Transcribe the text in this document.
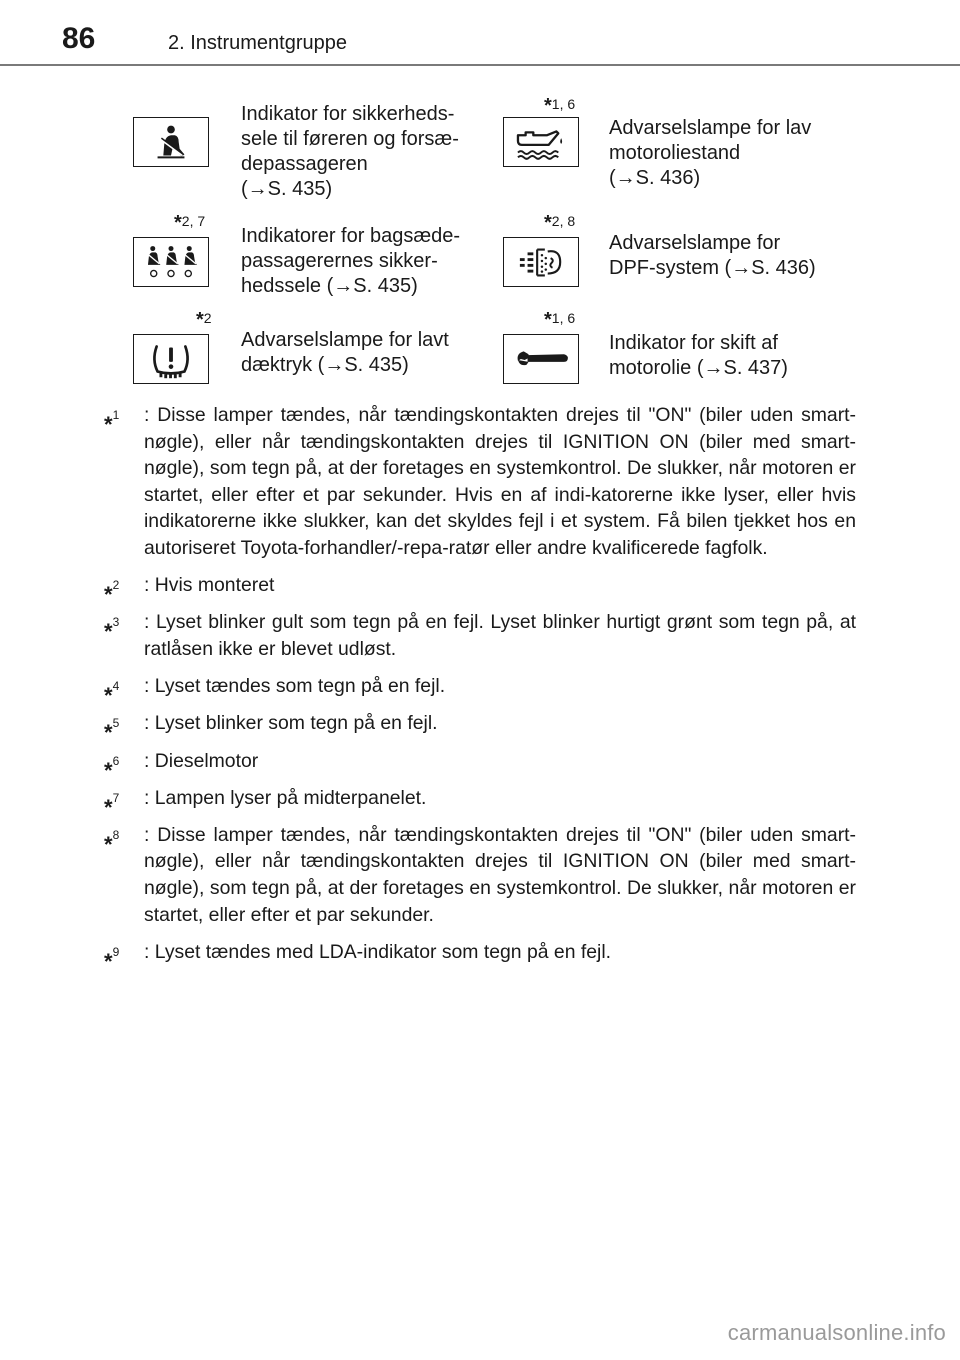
86	2. Instrumentgruppe
Indikator for sikkerheds-
sele til føreren og forsæ-
depassageren
(→S. 435)
*1, 6
Advarselslampe for lav
motoroliestand
(→S. 436)
*2, 7
Indikatorer for bagsæde-
passagerernes sikker-
hedssele (→S. 435)
*2, 8
Advarselslampe for
DPF-system (→S. 436)
*2
Advarselslampe for lavt
dæktryk (→S. 435)
*1, 6
Indikator for skift af
motorolie (→S. 437)
*$^1$ : Disse lamper tændes, når tændingskontakten drejes til "ON" (biler uden smart-nøgle), eller når tændingskontakten drejes til IGNITION ON (biler med smart-nøgle), som tegn på, at der foretages en systemkontrol. De slukker, når motoren er startet, eller efter et par sekunder. Hvis en af indi-katorerne ikke lyser, eller hvis indikatorerne ikke slukker, kan det skyldes fejl i et system. Få bilen tjekket hos en autoriseret Toyota-forhandler/-repa-ratør eller andre kvalificerede fagfolk.
*$^2$ : Hvis monteret
*$^3$ : Lyset blinker gult som tegn på en fejl. Lyset blinker hurtigt grønt som tegn på, at ratlåsen ikke er blevet udløst.
*$^4$ : Lyset tændes som tegn på en fejl.
*$^5$ : Lyset blinker som tegn på en fejl.
*$^6$ : Dieselmotor
*$^7$ : Lampen lyser på midterpanelet.
*$^8$ : Disse lamper tændes, når tændingskontakten drejes til "ON" (biler uden smart-nøgle), eller når tændingskontakten drejes til IGNITION ON (biler med smart-nøgle), som tegn på, at der foretages en systemkontrol. De slukker, når motoren er startet, eller efter et par sekunder.
*$^9$ : Lyset tændes med LDA-indikator som tegn på en fejl.
carmanualsonline.info
